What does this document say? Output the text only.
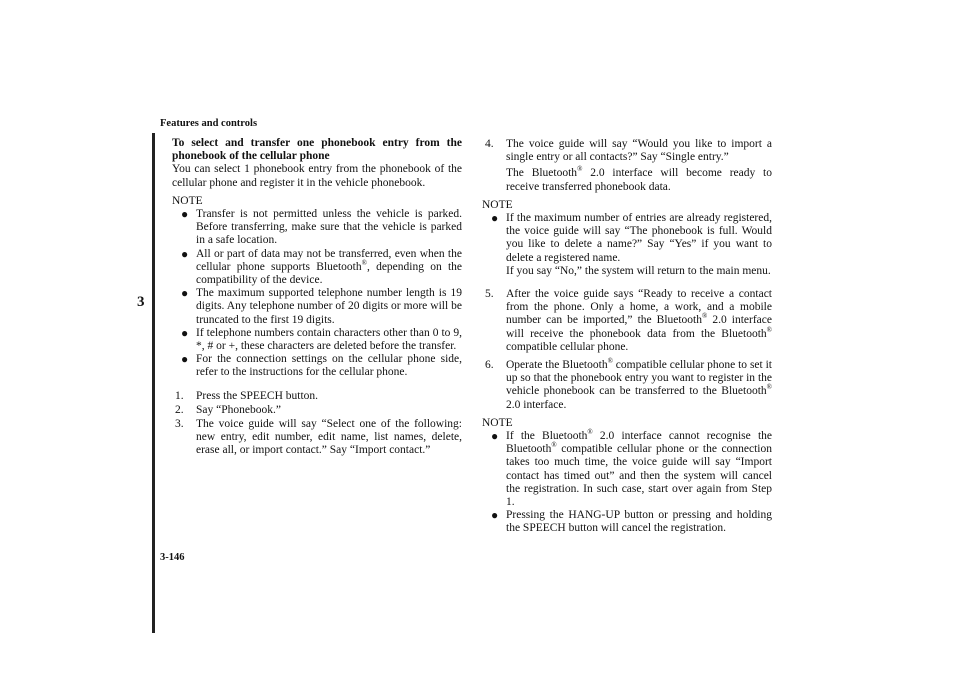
Features and controls
3

To select and transfer one phonebook entry from the phonebook of the cellular phone

You can select 1 phonebook entry from the phonebook of the cellular phone and register it in the vehicle phonebook.

NOTE
● Transfer is not permitted unless the vehicle is parked. Before transferring, make sure that the vehicle is parked in a safe location.
● All or part of data may not be transferred, even when the cellular phone supports Bluetooth®, depending on the compatibility of the device.
● The maximum supported telephone number length is 19 digits. Any telephone number of 20 digits or more will be truncated to the first 19 digits.
● If telephone numbers contain characters other than 0 to 9, *, # or +, these characters are deleted before the transfer.
● For the connection settings on the cellular phone side, refer to the instructions for the cellular phone.
1. Press the SPEECH button.
2. Say “Phonebook.”
3. The voice guide will say “Select one of the following: new entry, edit number, edit name, list names, delete, erase all, or import contact.” Say “Import contact.”
4. The voice guide will say “Would you like to import a single entry or all contacts?” Say “Single entry.”
The Bluetooth® 2.0 interface will become ready to receive transferred phonebook data.
NOTE
● If the maximum number of entries are already registered, the voice guide will say “The phonebook is full. Would you like to delete a name?” Say “Yes” if you want to delete a registered name.
If you say “No,” the system will return to the main menu.
5. After the voice guide says “Ready to receive a contact from the phone. Only a home, a work, and a mobile number can be imported,” the Bluetooth® 2.0 interface will receive the phonebook data from the Bluetooth® compatible cellular phone.
6. Operate the Bluetooth® compatible cellular phone to set it up so that the phonebook entry you want to register in the vehicle phonebook can be transferred to the Bluetooth® 2.0 interface.
NOTE
● If the Bluetooth® 2.0 interface cannot recognise the Bluetooth® compatible cellular phone or the connection takes too much time, the voice guide will say “Import contact has timed out” and then the system will cancel the registration. In such case, start over again from Step 1.
● Pressing the HANG-UP button or pressing and holding the SPEECH button will cancel the registration.
3-146
